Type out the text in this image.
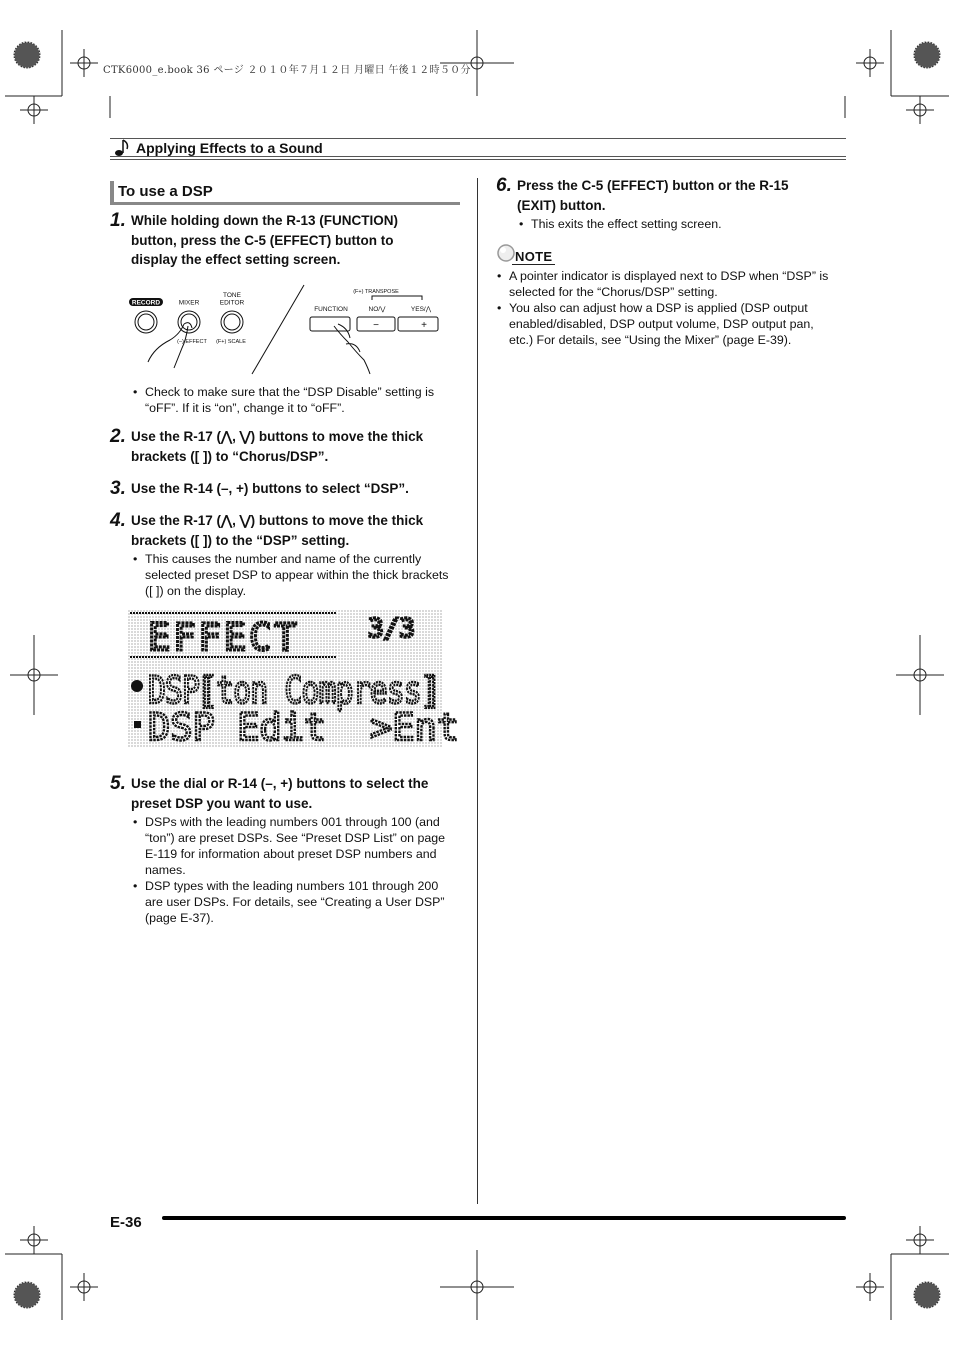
CTK6000_e.book 36 ページ ２０１０年７月１２日 月曜日 午後１２時５０分
Applying Effects to a Sound
To use a DSP
1. While holding down the R-13 (FUNCTION)
button, press the C-5 (EFFECT) button to
display the effect setting screen.
RECORD	MIXER
TONE
EDITOR
(–) EFFECT (F+) SCALE
(F+) TRANSPOSE
FUNCTION	NO/⋁	YES/⋀
−	+
• Check to make sure that the “DSP Disable” setting is
“oFF”. If it is “on”, change it to “oFF”.
2. Use the R-17 (⋀, ⋁) buttons to move the thick
brackets ([ ]) to “Chorus/DSP”.
3. Use the R-14 (–, +) buttons to select “DSP”.
4. Use the R-17 (⋀, ⋁) buttons to move the thick
brackets ([ ]) to the “DSP” setting.
• This causes the number and name of the currently
selected preset DSP to appear within the thick brackets
([ ]) on the display.
EFFECT	3/3
DSP⟦ton Compress⟧
DSP Edit >Ent
5. Use the dial or R-14 (–, +) buttons to select the
preset DSP you want to use.
• DSPs with the leading numbers 001 through 100 (and
“ton”) are preset DSPs. See “Preset DSP List” on page
E-119 for information about preset DSP numbers and
names.
• DSP types with the leading numbers 101 through 200
are user DSPs. For details, see “Creating a User DSP”
(page E-37).
6. Press the C-5 (EFFECT) button or the R-15
(EXIT) button.
• This exits the effect setting screen.
NOTE
• A pointer indicator is displayed next to DSP when “DSP” is
selected for the “Chorus/DSP” setting.
• You also can adjust how a DSP is applied (DSP output
enabled/disabled, DSP output volume, DSP output pan,
etc.) For details, see “Using the Mixer” (page E-39).
E-36
